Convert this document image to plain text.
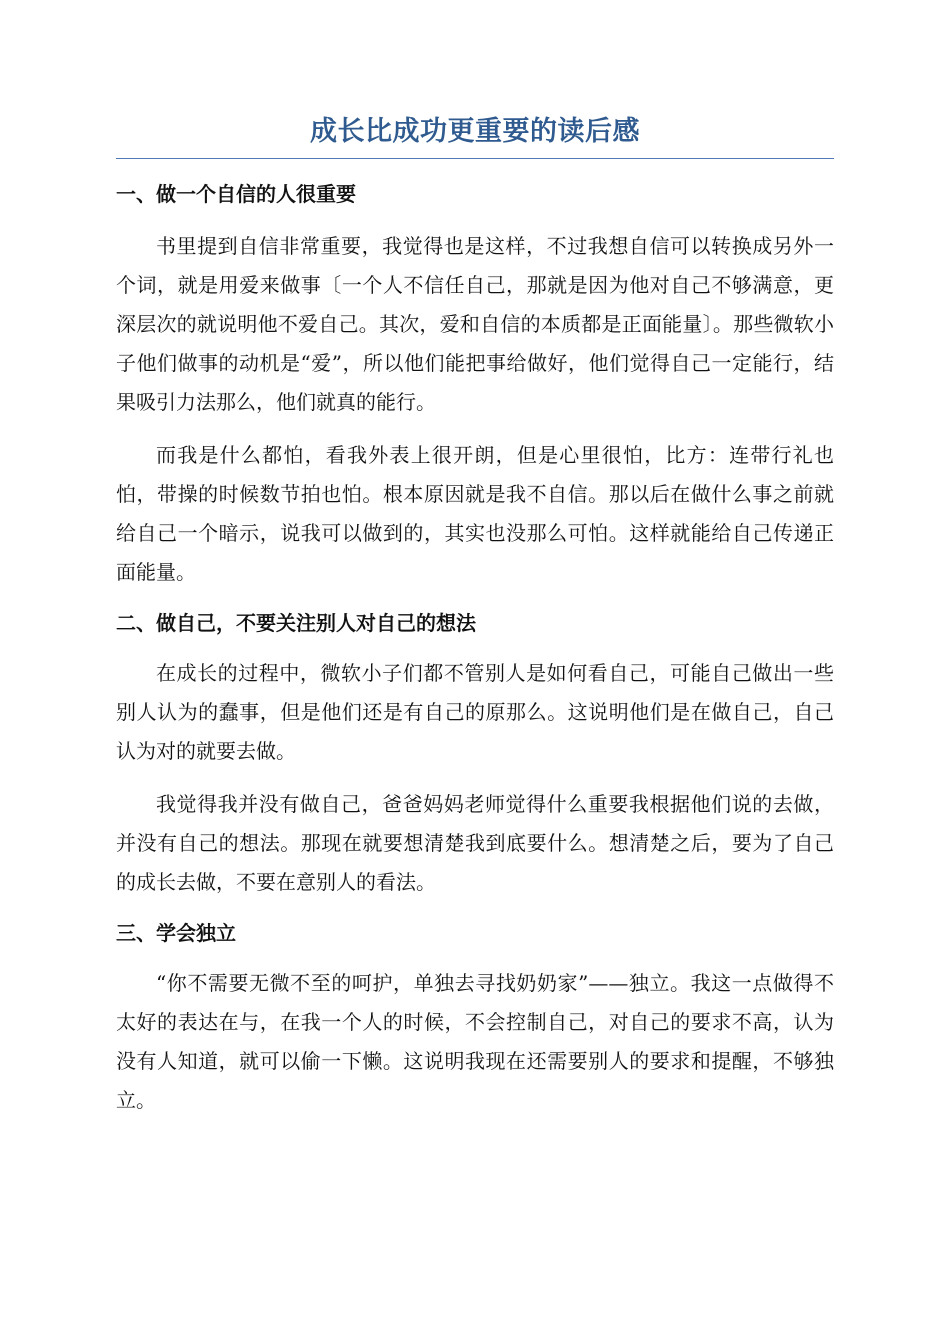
成长比成功更重要的读后感
一、做一个自信的人很重要

书里提到自信非常重要，我觉得也是这样，不过我想自信可以转换成另外一个词，就是用爱来做事〔一个人不信任自己，那就是因为他对自己不够满意，更深层次的就说明他不爱自己。其次，爱和自信的本质都是正面能量〕。那些微软小子他们做事的动机是“爱”，所以他们能把事给做好，他们觉得自己一定能行，结果吸引力法那么，他们就真的能行。

而我是什么都怕，看我外表上很开朗，但是心里很怕，比方：连带行礼也怕，带操的时候数节拍也怕。根本原因就是我不自信。那以后在做什么事之前就给自己一个暗示，说我可以做到的，其实也没那么可怕。这样就能给自己传递正面能量。

二、做自己，不要关注别人对自己的想法

在成长的过程中，微软小子们都不管别人是如何看自己，可能自己做出一些别人认为的蠢事，但是他们还是有自己的原那么。这说明他们是在做自己，自己认为对的就要去做。

我觉得我并没有做自己，爸爸妈妈老师觉得什么重要我根据他们说的去做，并没有自己的想法。那现在就要想清楚我到底要什么。想清楚之后，要为了自己的成长去做，不要在意别人的看法。

三、学会独立

“你不需要无微不至的呵护，单独去寻找奶奶家”——独立。我这一点做得不太好的表达在与，在我一个人的时候，不会控制自己，对自己的要求不高，认为没有人知道，就可以偷一下懒。这说明我现在还需要别人的要求和提醒，不够独立。
